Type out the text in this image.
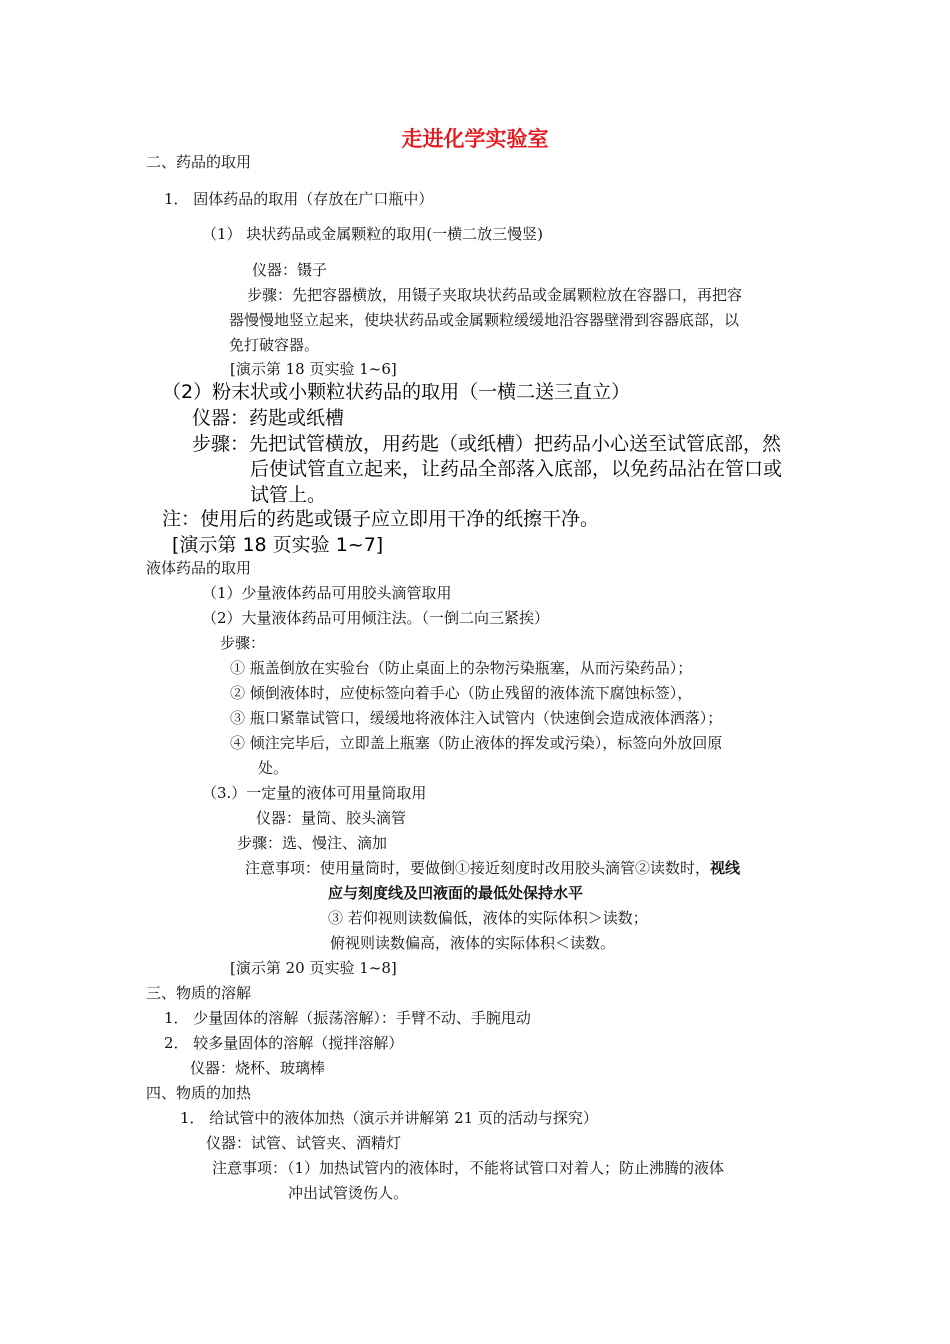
走进化学实验室
二、药品的取用
1． 固体药品的取用（存放在广口瓶中）
（1） 块状药品或金属颗粒的取用(一横二放三慢竖)
仪器：镊子
步骤：先把容器横放，用镊子夹取块状药品或金属颗粒放在容器口，再把容
器慢慢地竖立起来，使块状药品或金属颗粒缓缓地沿容器壁滑到容器底部，以
免打破容器。
[演示第 18 页实验 1~6]
（2）粉末状或小颗粒状药品的取用（一横二送三直立）
仪器：药匙或纸槽
步骤：先把试管横放，用药匙（或纸槽）把药品小心送至试管底部，然
后使试管直立起来，让药品全部落入底部，以免药品沾在管口或
试管上。
注：使用后的药匙或镊子应立即用干净的纸擦干净。
[演示第 18 页实验 1~7]
液体药品的取用
（1）少量液体药品可用胶头滴管取用
（2）大量液体药品可用倾注法。（一倒二向三紧挨）
步骤：
① 瓶盖倒放在实验台（防止桌面上的杂物污染瓶塞，从而污染药品）；
② 倾倒液体时，应使标签向着手心（防止残留的液体流下腐蚀标签），
③ 瓶口紧靠试管口，缓缓地将液体注入试管内（快速倒会造成液体洒落）；
④ 倾注完毕后，立即盖上瓶塞（防止液体的挥发或污染），标签向外放回原
处。
（3.）一定量的液体可用量筒取用
仪器：量筒、胶头滴管
步骤：选、慢注、滴加
注意事项：使用量筒时，要做倒①接近刻度时改用胶头滴管②读数时，视线
应与刻度线及凹液面的最低处保持水平
③ 若仰视则读数偏低，液体的实际体积＞读数；
俯视则读数偏高，液体的实际体积＜读数。
[演示第 20 页实验 1~8]
三、物质的溶解
1． 少量固体的溶解（振荡溶解）：手臂不动、手腕甩动
2． 较多量固体的溶解（搅拌溶解）
仪器：烧杯、玻璃棒
四、物质的加热
1． 给试管中的液体加热（演示并讲解第 21 页的活动与探究）
仪器：试管、试管夹、酒精灯
注意事项：（1）加热试管内的液体时，不能将试管口对着人；防止沸腾的液体
冲出试管烫伤人。
